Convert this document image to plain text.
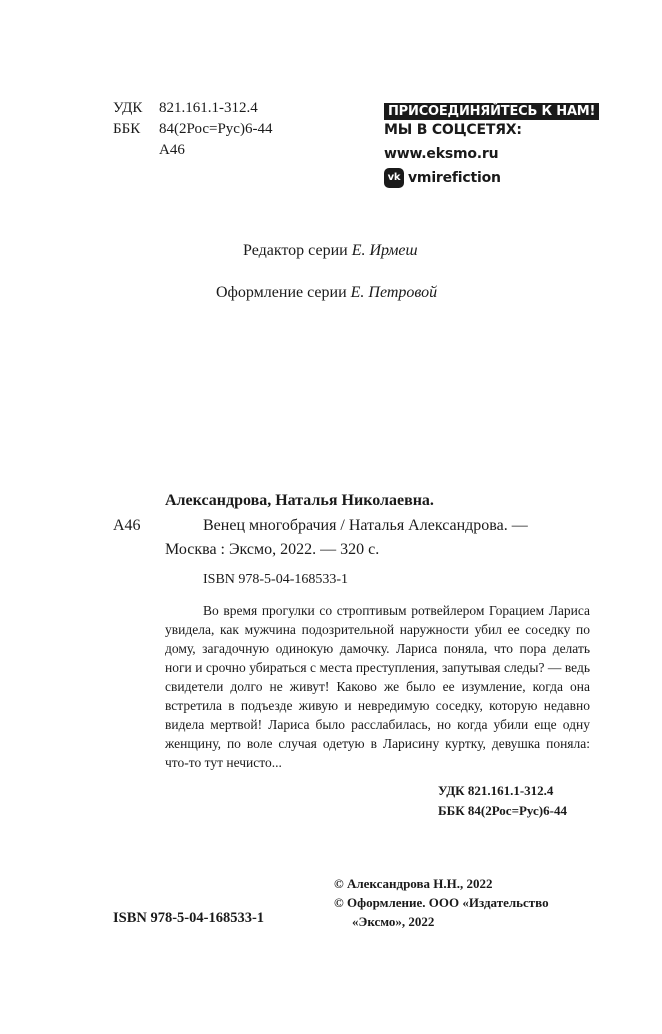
УДК 821.161.1-312.4
ББК 84(2Рос=Рус)6-44
А46
ПРИСОЕДИНЯЙТЕСЬ К НАМ!
МЫ В СОЦСЕТЯХ:
www.eksmo.ru
vk vmirefiction
Редактор серии Е. Ирмеш
Оформление серии Е. Петровой
Александрова, Наталья Николаевна.
А46	Венец многобрачия / Наталья Александрова. —
Москва : Эксмо, 2022. — 320 с.
ISBN 978-5-04-168533-1
Во время прогулки со строптивым ротвейлером Горацием Лариса увидела, как мужчина подозрительной наружности убил ее соседку по дому, загадочную одинокую дамочку. Лариса поняла, что пора делать ноги и срочно убираться с места преступления, запутывая следы? — ведь свидетели долго не живут! Каково же было ее изумление, когда она встретила в подъезде живую и невредимую соседку, которую недавно видела мертвой! Лариса было расслабилась, но когда убили еще одну женщину, по воле случая одетую в Ларисину куртку, девушка поняла: что-то тут нечисто...
УДК 821.161.1-312.4
ББК 84(2Рос=Рус)6-44
© Александрова Н.Н., 2022
© Оформление. ООО «Издательство
«Эксмо», 2022
ISBN 978-5-04-168533-1
